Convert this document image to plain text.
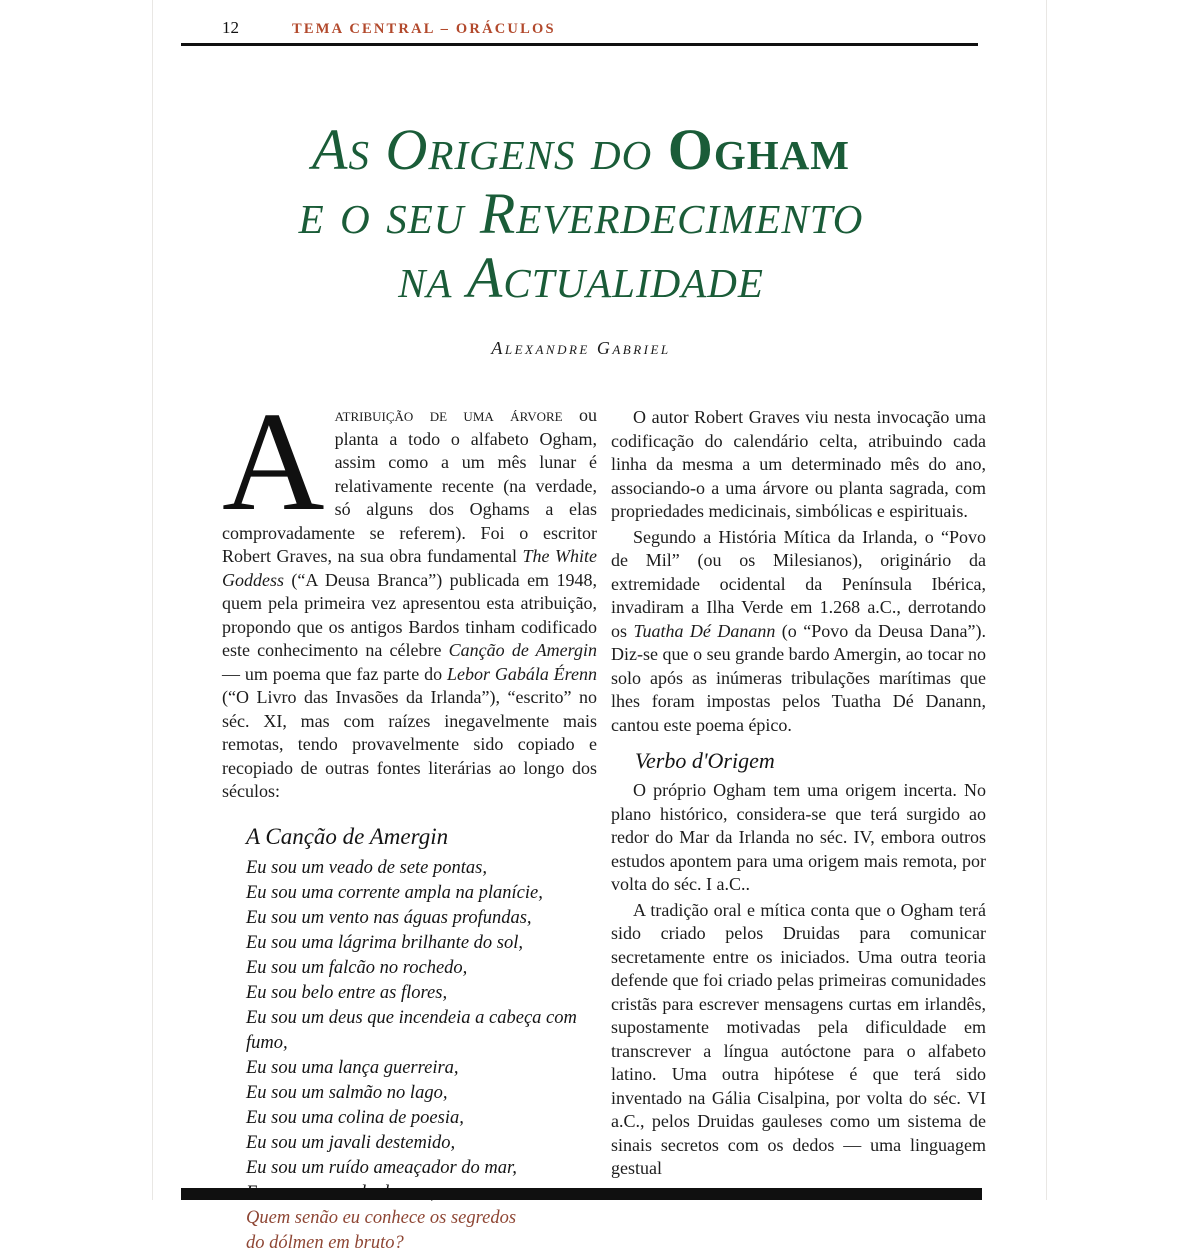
12	TEMA CENTRAL – ORÁCULOS
As Origens do Ogham
e o seu Reverdecimento
na Actualidade
Alexandre Gabriel

Aatribuição de uma árvore ou planta a todo o alfabeto Ogham, assim como a um mês lunar é relativamente recente (na verdade, só alguns dos Oghams a elas comprovadamente se referem). Foi o escritor Robert Graves, na sua obra fundamental The White Goddess (“A Deusa Branca”) publicada em 1948, quem pela primeira vez apresentou esta atribuição, propondo que os antigos Bardos tinham codificado este conhecimento na célebre Canção de Amergin — um poema que faz parte do Lebor Gabála Érenn (“O Livro das Invasões da Irlanda”), “escrito” no séc. XI, mas com raízes inegavelmente mais remotas, tendo provavelmente sido copiado e recopiado de outras fontes literárias ao longo dos séculos:

A Canção de Amergin
Eu sou um veado de sete pontas,
Eu sou uma corrente ampla na planície,
Eu sou um vento nas águas profundas,
Eu sou uma lágrima brilhante do sol,
Eu sou um falcão no rochedo,
Eu sou belo entre as flores,
Eu sou um deus que incendeia a cabeça com fumo,
Eu sou uma lança guerreira,
Eu sou um salmão no lago,
Eu sou uma colina de poesia,
Eu sou um javali destemido,
Eu sou um ruído ameaçador do mar,
Quem senão eu conhece os segredos
do dólmen em bruto?

O autor Robert Graves viu nesta invocação uma codificação do calendário celta, atribuindo cada linha da mesma a um determinado mês do ano, associando-o a uma árvore ou planta sagrada, com propriedades medicinais, simbólicas e espirituais.

Segundo a História Mítica da Irlanda, o “Povo de Mil” (ou os Milesianos), originário da extremidade ocidental da Península Ibérica, invadiram a Ilha Verde em 1.268 a.C., derrotando os Tuatha Dé Danann (o “Povo da Deusa Dana”). Diz-se que o seu grande bardo Amergin, ao tocar no solo após as inúmeras tribulações marítimas que lhes foram impostas pelos Tuatha Dé Danann, cantou este poema épico.

Verbo d'Origem

O próprio Ogham tem uma origem incerta. No plano histórico, considera-se que terá surgido ao redor do Mar da Irlanda no séc. IV, embora outros estudos apontem para uma origem mais remota, por volta do séc. I a.C..

A tradição oral e mítica conta que o Ogham terá sido criado pelos Druidas para comunicar secretamente entre os iniciados. Uma outra teoria defende que foi criado pelas primeiras comunidades cristãs para escrever mensagens curtas em irlandês, supostamente motivadas pela dificuldade em transcrever a língua autóctone para o alfabeto latino. Uma outra hipótese é que terá sido inventado na Gália Cisalpina, por volta do séc. VI a.C., pelos Druidas gauleses como um sistema de sinais secretos com os dedos — uma linguagem gestual
